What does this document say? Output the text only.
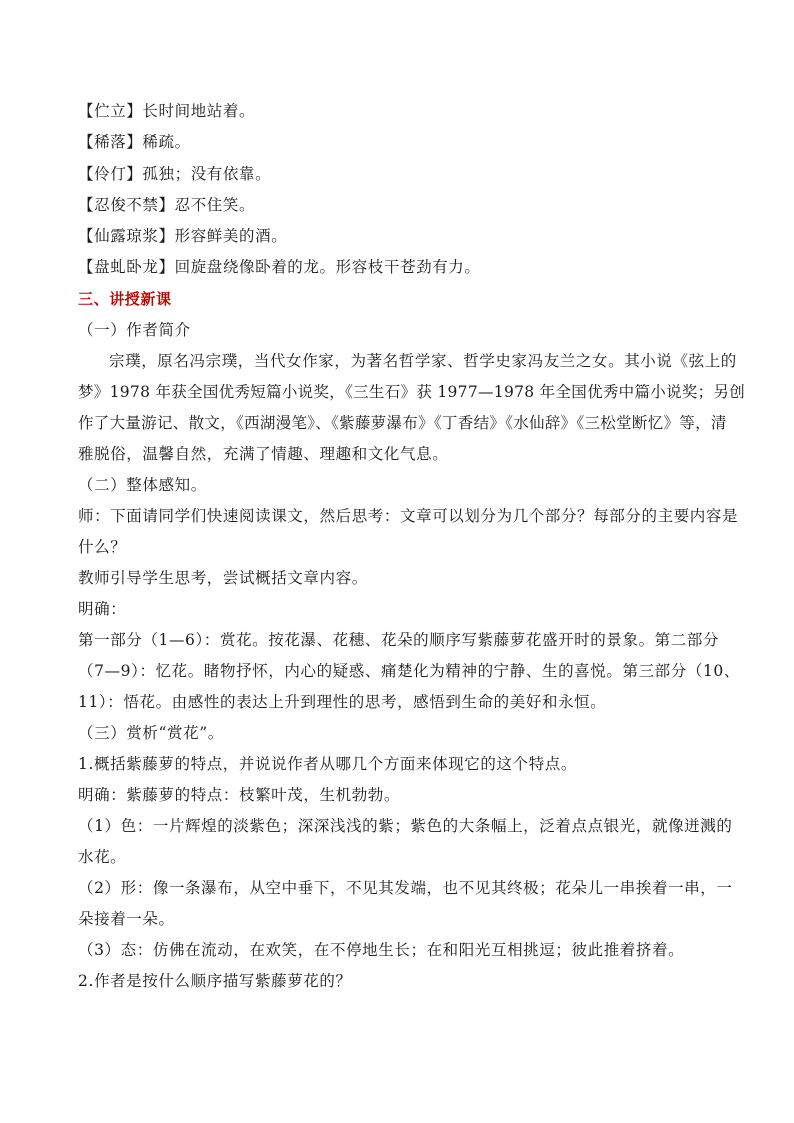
【伫立】长时间地站着。
【稀落】稀疏。
【伶仃】孤独；没有依靠。
【忍俊不禁】忍不住笑。
【仙露琼浆】形容鲜美的酒。
【盘虬卧龙】回旋盘绕像卧着的龙。形容枝干苍劲有力。
三、讲授新课
（一）作者简介
宗璞，原名冯宗璞，当代女作家，为著名哲学家、哲学史家冯友兰之女。其小说《弦上的
梦》1978 年获全国优秀短篇小说奖，《三生石》获 1977—1978 年全国优秀中篇小说奖；另创
作了大量游记、散文，《西湖漫笔》、《紫藤萝瀑布》《丁香结》《水仙辞》《三松堂断忆》等，清
雅脱俗，温馨自然，充满了情趣、理趣和文化气息。
（二）整体感知。
师：下面请同学们快速阅读课文，然后思考：文章可以划分为几个部分？每部分的主要内容是
什么？
教师引导学生思考，尝试概括文章内容。
明确：
第一部分（1—6）：赏花。按花瀑、花穗、花朵的顺序写紫藤萝花盛开时的景象。第二部分
（7—9）：忆花。睹物抒怀，内心的疑惑、痛楚化为精神的宁静、生的喜悦。第三部分（10、
11）：悟花。由感性的表达上升到理性的思考，感悟到生命的美好和永恒。
（三）赏析“赏花”。
1.概括紫藤萝的特点，并说说作者从哪几个方面来体现它的这个特点。
明确：紫藤萝的特点：枝繁叶茂，生机勃勃。
（1）色：一片辉煌的淡紫色；深深浅浅的紫；紫色的大条幅上，泛着点点银光，就像迸溅的
水花。
（2）形：像一条瀑布，从空中垂下，不见其发端，也不见其终极；花朵儿一串挨着一串，一
朵接着一朵。
（3）态：仿佛在流动，在欢笑，在不停地生长；在和阳光互相挑逗；彼此推着挤着。
2.作者是按什么顺序描写紫藤萝花的？
